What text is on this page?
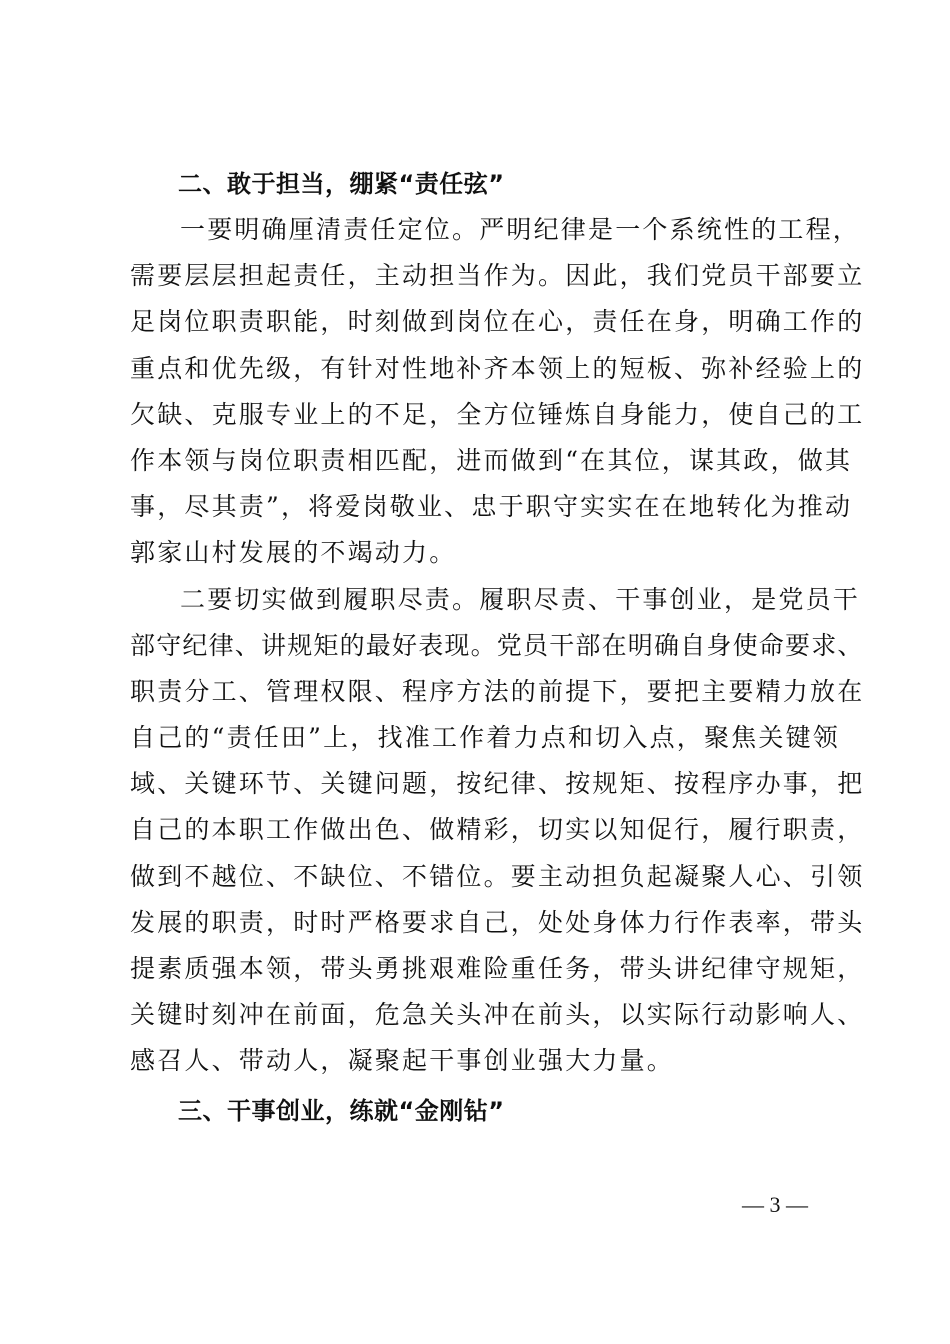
二、敢于担当，绷紧“责任弦”
一要明确厘清责任定位。严明纪律是一个系统性的工程，
需要层层担起责任，主动担当作为。因此，我们党员干部要立
足岗位职责职能，时刻做到岗位在心，责任在身，明确工作的
重点和优先级，有针对性地补齐本领上的短板、弥补经验上的
欠缺、克服专业上的不足，全方位锤炼自身能力，使自己的工
作本领与岗位职责相匹配，进而做到“在其位，谋其政，做其
事，尽其责”，将爱岗敬业、忠于职守实实在在地转化为推动
郭家山村发展的不竭动力。
二要切实做到履职尽责。履职尽责、干事创业，是党员干
部守纪律、讲规矩的最好表现。党员干部在明确自身使命要求、
职责分工、管理权限、程序方法的前提下，要把主要精力放在
自己的“责任田”上，找准工作着力点和切入点，聚焦关键领
域、关键环节、关键问题，按纪律、按规矩、按程序办事，把
自己的本职工作做出色、做精彩，切实以知促行，履行职责，
做到不越位、不缺位、不错位。要主动担负起凝聚人心、引领
发展的职责，时时严格要求自己，处处身体力行作表率，带头
提素质强本领，带头勇挑艰难险重任务，带头讲纪律守规矩，
关键时刻冲在前面，危急关头冲在前头，以实际行动影响人、
感召人、带动人，凝聚起干事创业强大力量。
三、干事创业，练就“金刚钻”
— 3 —
